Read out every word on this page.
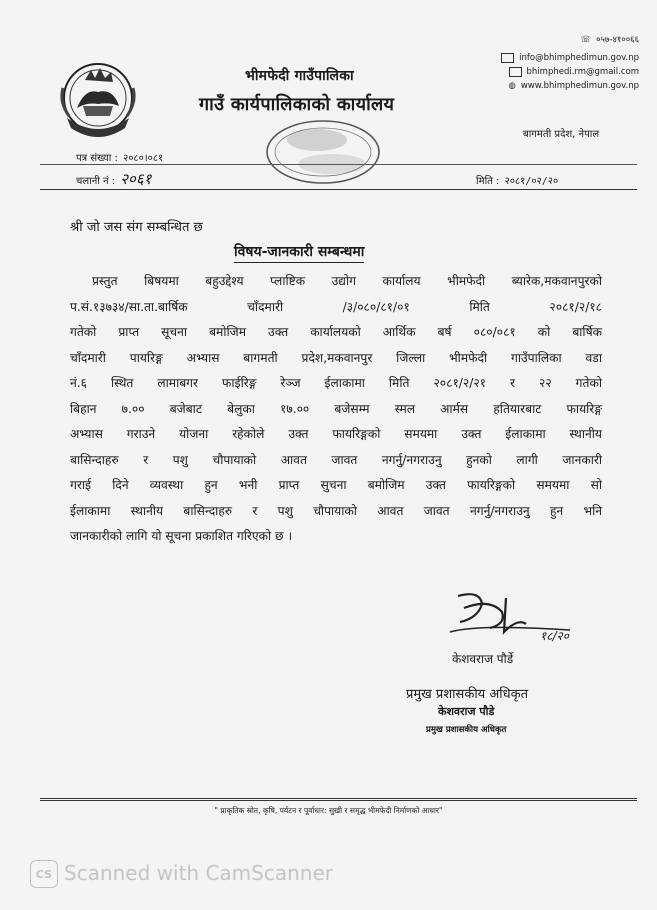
भीमफेदी गाउँपालिका
गाउँ कार्यपालिकाको कार्यालय
☏ ०५७-४१००६६
info@bhimphedimun.gov.np
bhimphedi.rm@gmail.com
◍ www.bhimphedimun.gov.np
बागमती प्रदेश, नेपाल
पत्र संख्या : २०८०।०८१
चलानी नं : २०६१	मिति : २०८१/०२/२०
श्री जो जस संग सम्बन्धित छ
विषय-जानकारी सम्बन्धमा
प्रस्तुत बिषयमा बहुउद्देश्य प्लाष्टिक उद्योग कार्यालय भीमफेदी ब्यारेक,मकवानपुरको
प.सं.१३७३४/सा.ता.बार्षिक चाँदमारी /३/०८०/८१/०१ मिति २०८१/२/१८
गतेको प्राप्त सूचना बमोजिम उक्त कार्यालयको आर्थिक बर्ष ०८०/०८१ को बार्षिक
चाँदमारी पायरिङ्ग अभ्यास बागमती प्रदेश,मकवानपुर जिल्ला भीमफेदी गाउँपालिका वडा
नं.६ स्थित लामाबगर फाईरिङ्ग रेञ्ज ईलाकामा मिति २०८१/२/२१ र २२ गतेको
बिहान ७.०० बजेबाट बेलुका १७.०० बजेसम्म स्मल आर्मस हतियारबाट फायरिङ्ग
अभ्यास गराउने योजना रहेकोले उक्त फायरिङ्गको समयमा उक्त ईलाकामा स्थानीय
बासिन्दाहरु र पशु चौपायाको आवत जावत नगर्नु/नगराउनु हुनको लागी जानकारी
गराई दिने व्यवस्था हुन भनी प्राप्त सुचना बमोजिम उक्त फायरिङ्गको समयमा सो
ईलाकामा स्थानीय बासिन्दाहरु र पशु चौपायाको आवत जावत नगर्नु/नगराउनु हुन भनि
जानकारीको लागि यो सूचना प्रकाशित गरिएको छ ।
१८/२०
केशवराज पौर्डे
प्रमुख प्रशासकीय अधिकृत
केशवराज पौडे
प्रमुख प्रशासकीय अधिकृत
" प्राकृतिक स्रोत, कृषि, पर्यटन र पूर्वाधार: सुखी र समृद्ध भीमफेदी निर्माणको आधार"
CS Scanned with CamScanner
